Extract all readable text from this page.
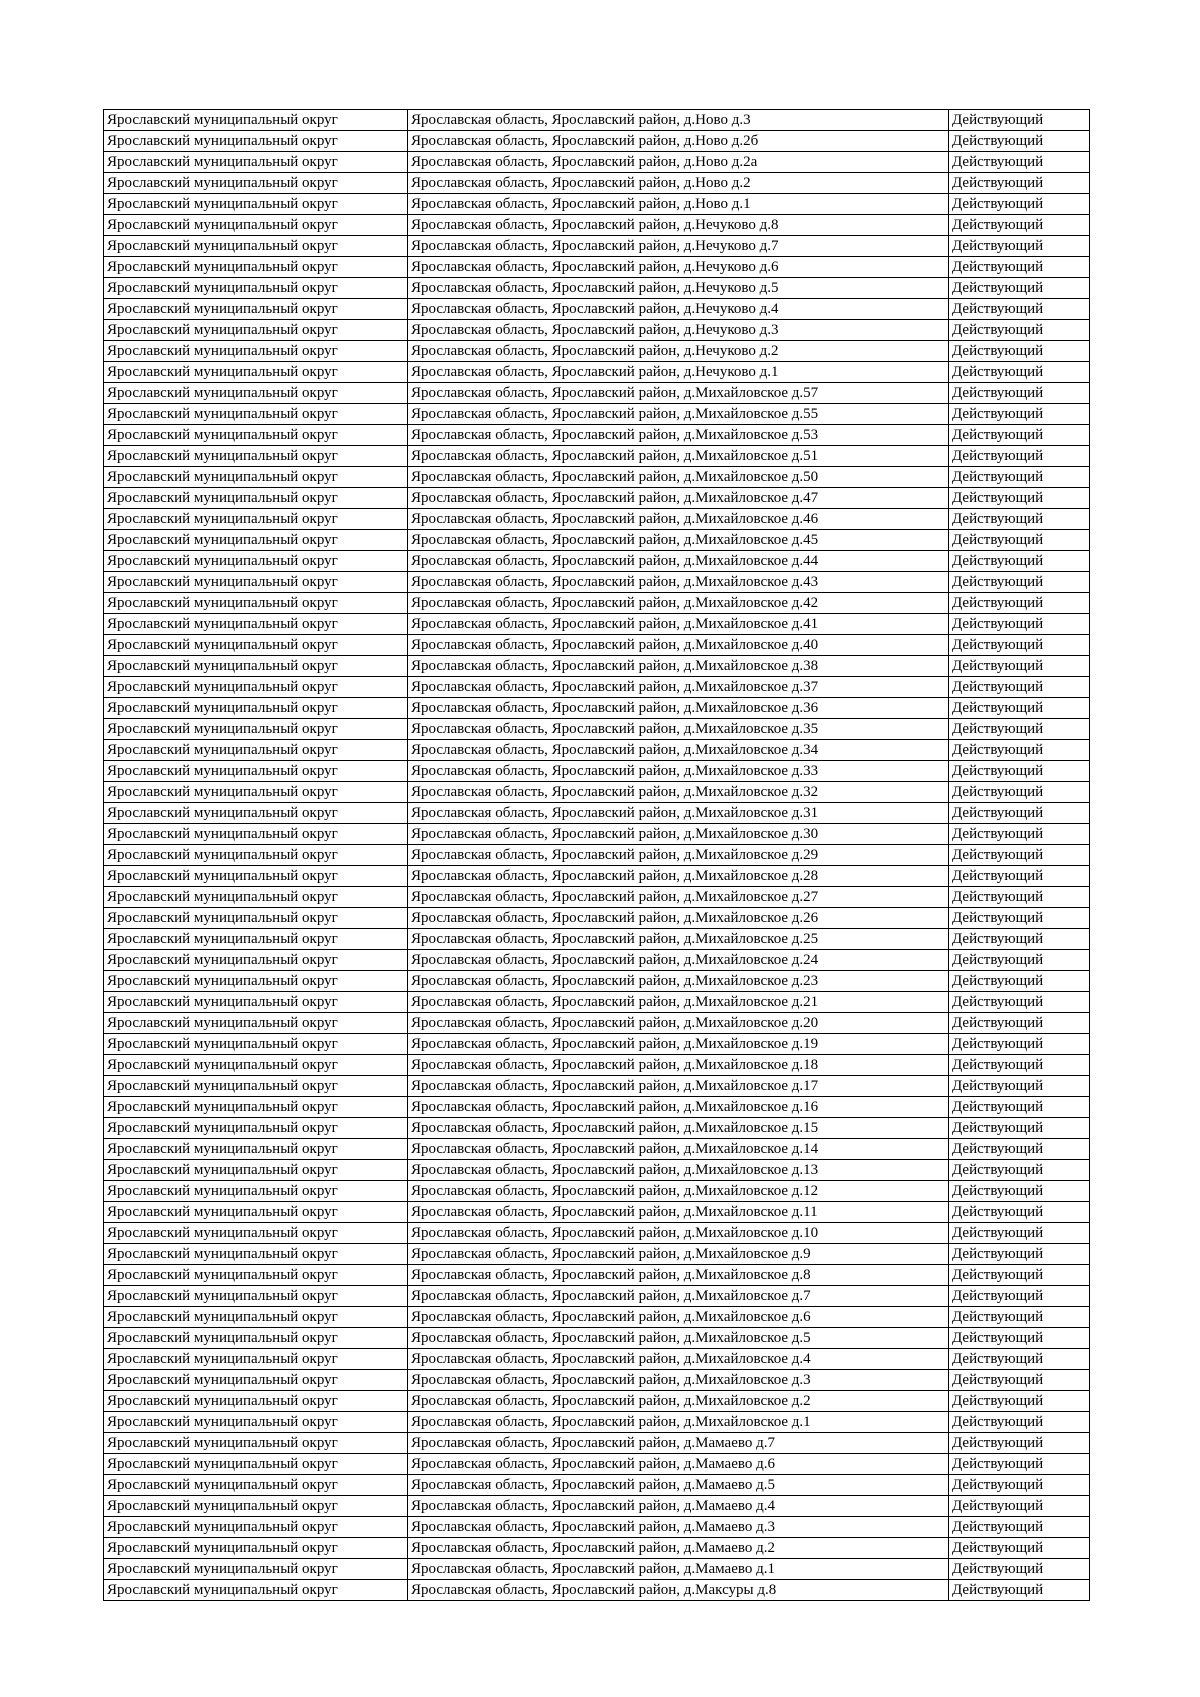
Ярославский муниципальный округ	Ярославская область, Ярославский район, д.Ново д.3	Действующий
Ярославский муниципальный округ	Ярославская область, Ярославский район, д.Ново д.2б	Действующий
Ярославский муниципальный округ	Ярославская область, Ярославский район, д.Ново д.2а	Действующий
Ярославский муниципальный округ	Ярославская область, Ярославский район, д.Ново д.2	Действующий
Ярославский муниципальный округ	Ярославская область, Ярославский район, д.Ново д.1	Действующий
Ярославский муниципальный округ	Ярославская область, Ярославский район, д.Нечуково д.8	Действующий
Ярославский муниципальный округ	Ярославская область, Ярославский район, д.Нечуково д.7	Действующий
Ярославский муниципальный округ	Ярославская область, Ярославский район, д.Нечуково д.6	Действующий
Ярославский муниципальный округ	Ярославская область, Ярославский район, д.Нечуково д.5	Действующий
Ярославский муниципальный округ	Ярославская область, Ярославский район, д.Нечуково д.4	Действующий
Ярославский муниципальный округ	Ярославская область, Ярославский район, д.Нечуково д.3	Действующий
Ярославский муниципальный округ	Ярославская область, Ярославский район, д.Нечуково д.2	Действующий
Ярославский муниципальный округ	Ярославская область, Ярославский район, д.Нечуково д.1	Действующий
Ярославский муниципальный округ	Ярославская область, Ярославский район, д.Михайловское д.57	Действующий
Ярославский муниципальный округ	Ярославская область, Ярославский район, д.Михайловское д.55	Действующий
Ярославский муниципальный округ	Ярославская область, Ярославский район, д.Михайловское д.53	Действующий
Ярославский муниципальный округ	Ярославская область, Ярославский район, д.Михайловское д.51	Действующий
Ярославский муниципальный округ	Ярославская область, Ярославский район, д.Михайловское д.50	Действующий
Ярославский муниципальный округ	Ярославская область, Ярославский район, д.Михайловское д.47	Действующий
Ярославский муниципальный округ	Ярославская область, Ярославский район, д.Михайловское д.46	Действующий
Ярославский муниципальный округ	Ярославская область, Ярославский район, д.Михайловское д.45	Действующий
Ярославский муниципальный округ	Ярославская область, Ярославский район, д.Михайловское д.44	Действующий
Ярославский муниципальный округ	Ярославская область, Ярославский район, д.Михайловское д.43	Действующий
Ярославский муниципальный округ	Ярославская область, Ярославский район, д.Михайловское д.42	Действующий
Ярославский муниципальный округ	Ярославская область, Ярославский район, д.Михайловское д.41	Действующий
Ярославский муниципальный округ	Ярославская область, Ярославский район, д.Михайловское д.40	Действующий
Ярославский муниципальный округ	Ярославская область, Ярославский район, д.Михайловское д.38	Действующий
Ярославский муниципальный округ	Ярославская область, Ярославский район, д.Михайловское д.37	Действующий
Ярославский муниципальный округ	Ярославская область, Ярославский район, д.Михайловское д.36	Действующий
Ярославский муниципальный округ	Ярославская область, Ярославский район, д.Михайловское д.35	Действующий
Ярославский муниципальный округ	Ярославская область, Ярославский район, д.Михайловское д.34	Действующий
Ярославский муниципальный округ	Ярославская область, Ярославский район, д.Михайловское д.33	Действующий
Ярославский муниципальный округ	Ярославская область, Ярославский район, д.Михайловское д.32	Действующий
Ярославский муниципальный округ	Ярославская область, Ярославский район, д.Михайловское д.31	Действующий
Ярославский муниципальный округ	Ярославская область, Ярославский район, д.Михайловское д.30	Действующий
Ярославский муниципальный округ	Ярославская область, Ярославский район, д.Михайловское д.29	Действующий
Ярославский муниципальный округ	Ярославская область, Ярославский район, д.Михайловское д.28	Действующий
Ярославский муниципальный округ	Ярославская область, Ярославский район, д.Михайловское д.27	Действующий
Ярославский муниципальный округ	Ярославская область, Ярославский район, д.Михайловское д.26	Действующий
Ярославский муниципальный округ	Ярославская область, Ярославский район, д.Михайловское д.25	Действующий
Ярославский муниципальный округ	Ярославская область, Ярославский район, д.Михайловское д.24	Действующий
Ярославский муниципальный округ	Ярославская область, Ярославский район, д.Михайловское д.23	Действующий
Ярославский муниципальный округ	Ярославская область, Ярославский район, д.Михайловское д.21	Действующий
Ярославский муниципальный округ	Ярославская область, Ярославский район, д.Михайловское д.20	Действующий
Ярославский муниципальный округ	Ярославская область, Ярославский район, д.Михайловское д.19	Действующий
Ярославский муниципальный округ	Ярославская область, Ярославский район, д.Михайловское д.18	Действующий
Ярославский муниципальный округ	Ярославская область, Ярославский район, д.Михайловское д.17	Действующий
Ярославский муниципальный округ	Ярославская область, Ярославский район, д.Михайловское д.16	Действующий
Ярославский муниципальный округ	Ярославская область, Ярославский район, д.Михайловское д.15	Действующий
Ярославский муниципальный округ	Ярославская область, Ярославский район, д.Михайловское д.14	Действующий
Ярославский муниципальный округ	Ярославская область, Ярославский район, д.Михайловское д.13	Действующий
Ярославский муниципальный округ	Ярославская область, Ярославский район, д.Михайловское д.12	Действующий
Ярославский муниципальный округ	Ярославская область, Ярославский район, д.Михайловское д.11	Действующий
Ярославский муниципальный округ	Ярославская область, Ярославский район, д.Михайловское д.10	Действующий
Ярославский муниципальный округ	Ярославская область, Ярославский район, д.Михайловское д.9	Действующий
Ярославский муниципальный округ	Ярославская область, Ярославский район, д.Михайловское д.8	Действующий
Ярославский муниципальный округ	Ярославская область, Ярославский район, д.Михайловское д.7	Действующий
Ярославский муниципальный округ	Ярославская область, Ярославский район, д.Михайловское д.6	Действующий
Ярославский муниципальный округ	Ярославская область, Ярославский район, д.Михайловское д.5	Действующий
Ярославский муниципальный округ	Ярославская область, Ярославский район, д.Михайловское д.4	Действующий
Ярославский муниципальный округ	Ярославская область, Ярославский район, д.Михайловское д.3	Действующий
Ярославский муниципальный округ	Ярославская область, Ярославский район, д.Михайловское д.2	Действующий
Ярославский муниципальный округ	Ярославская область, Ярославский район, д.Михайловское д.1	Действующий
Ярославский муниципальный округ	Ярославская область, Ярославский район, д.Мамаево д.7	Действующий
Ярославский муниципальный округ	Ярославская область, Ярославский район, д.Мамаево д.6	Действующий
Ярославский муниципальный округ	Ярославская область, Ярославский район, д.Мамаево д.5	Действующий
Ярославский муниципальный округ	Ярославская область, Ярославский район, д.Мамаево д.4	Действующий
Ярославский муниципальный округ	Ярославская область, Ярославский район, д.Мамаево д.3	Действующий
Ярославский муниципальный округ	Ярославская область, Ярославский район, д.Мамаево д.2	Действующий
Ярославский муниципальный округ	Ярославская область, Ярославский район, д.Мамаево д.1	Действующий
Ярославский муниципальный округ	Ярославская область, Ярославский район, д.Максуры д.8	Действующий
